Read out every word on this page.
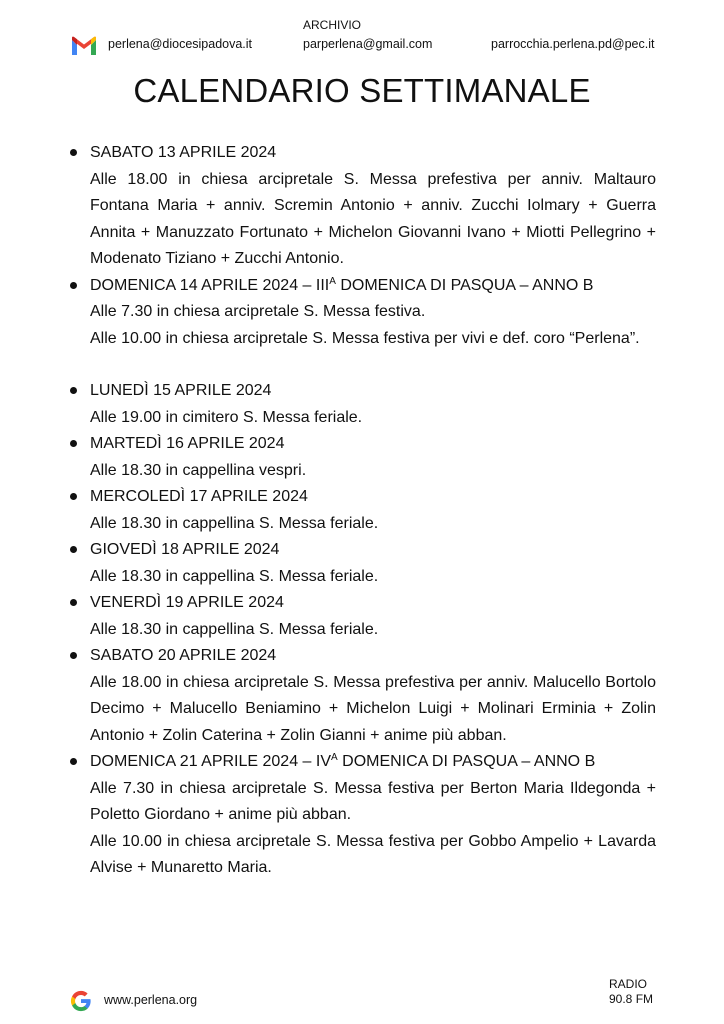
ARCHIVIO
perlena@diocesipadova.it	parperlena@gmail.com	parrocchia.perlena.pd@pec.it
CALENDARIO SETTIMANALE
SABATO 13 APRILE 2024
Alle 18.00 in chiesa arcipretale S. Messa prefestiva per anniv. Maltauro Fontana Maria + anniv. Scremin Antonio + anniv. Zucchi Iolmary + Guerra Annita + Manuzzato Fortunato + Michelon Giovanni Ivano + Miotti Pellegrino + Modenato Tiziano + Zucchi Antonio.
DOMENICA 14 APRILE $2024 - III^A$ DOMENICA DI PASQUA – ANNO B
Alle 7.30 in chiesa arcipretale S. Messa festiva.
Alle 10.00 in chiesa arcipretale S. Messa festiva per vivi e def. coro “Perlena”.
LUNEDÌ 15 APRILE 2024
Alle 19.00 in cimitero S. Messa feriale.
MARTEDÌ 16 APRILE 2024
Alle 18.30 in cappellina vespri.
MERCOLEDÌ 17 APRILE 2024
Alle 18.30 in cappellina S. Messa feriale.
GIOVEDÌ 18 APRILE 2024
Alle 18.30 in cappellina S. Messa feriale.
VENERDÌ 19 APRILE 2024
Alle 18.30 in cappellina S. Messa feriale.
SABATO 20 APRILE 2024
Alle 18.00 in chiesa arcipretale S. Messa prefestiva per anniv. Malucello Bortolo Decimo + Malucello Beniamino + Michelon Luigi + Molinari Erminia + Zolin Antonio + Zolin Caterina + Zolin Gianni + anime più abban.
DOMENICA 21 APRILE $2024 - IV^A$ DOMENICA DI PASQUA – ANNO B
Alle 7.30 in chiesa arcipretale S. Messa festiva per Berton Maria Ildegonda + Poletto Giordano + anime più abban.
Alle 10.00 in chiesa arcipretale S. Messa festiva per Gobbo Ampelio + Lavarda Alvise + Munaretto Maria.
www.perlena.org
RADIO
90.8 FM
